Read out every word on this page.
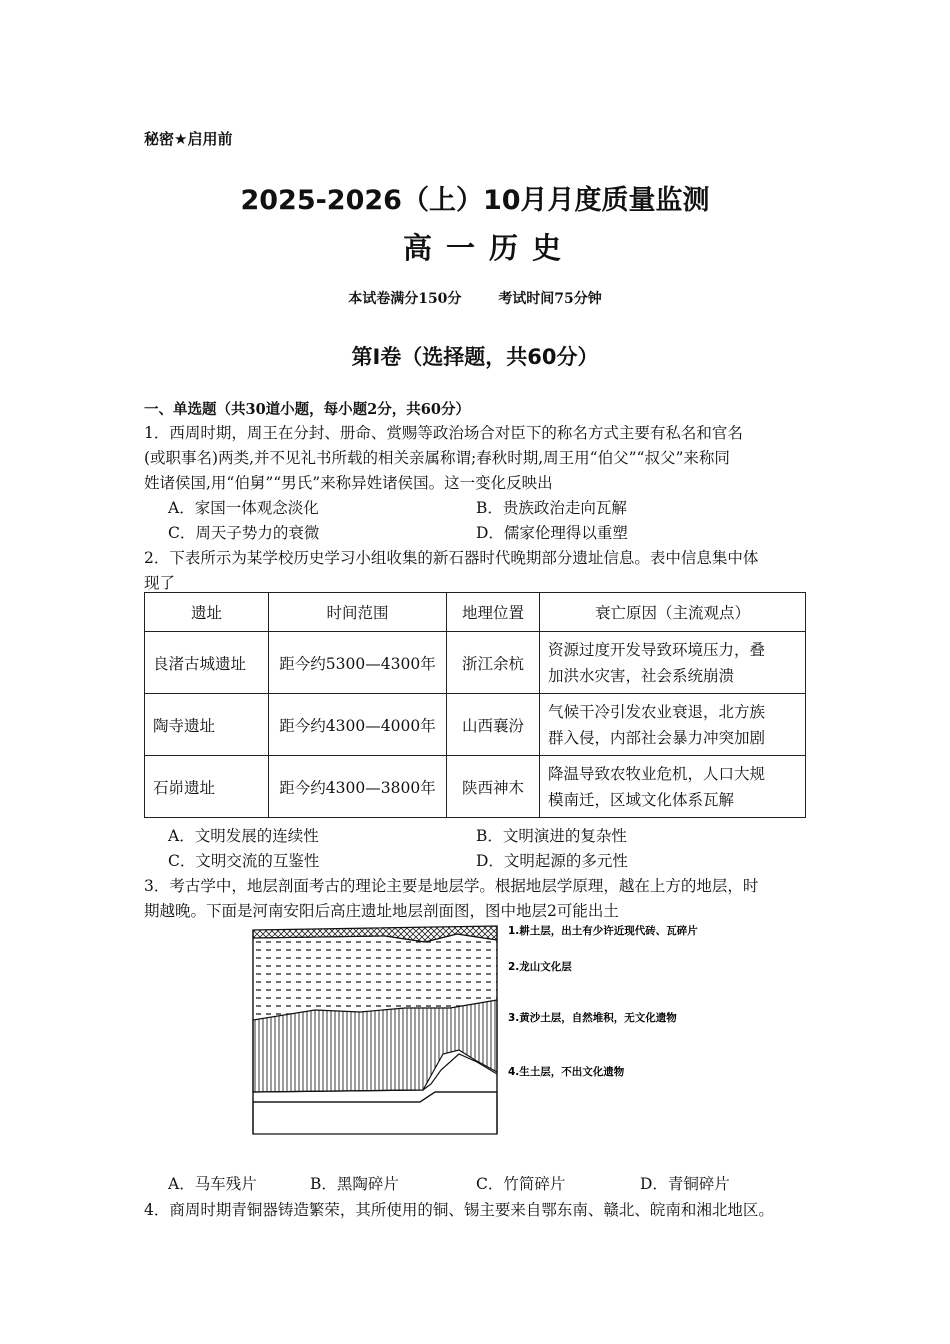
秘密★启用前
2025-2026（上）10月月度质量监测
高一历史
本试卷满分150分	考试时间75分钟
第Ⅰ卷（选择题，共60分）
一、单选题（共30道小题，每小题2分，共60分）
1．西周时期，周王在分封、册命、赏赐等政治场合对臣下的称名方式主要有私名和官名
(或职事名)两类,并不见礼书所载的相关亲属称谓;春秋时期,周王用“伯父”“叔父”来称同
姓诸侯国,用“伯舅”“男氏”来称异姓诸侯国。这一变化反映出
A．家国一体观念淡化	B．贵族政治走向瓦解
C．周天子势力的衰微	D．儒家伦理得以重塑
2．下表所示为某学校历史学习小组收集的新石器时代晚期部分遗址信息。表中信息集中体
现了
遗址	时间范围	地理位置	衰亡原因（主流观点）
良渚古城遗址	距今约5300—4300年	浙江余杭	资源过度开发导致环境压力，叠
加洪水灾害，社会系统崩溃

陶寺遗址	距今约4300—4000年	山西襄汾	气候干冷引发农业衰退，北方族
群入侵，内部社会暴力冲突加剧

石峁遗址	距今约4300—3800年	陕西神木	降温导致农牧业危机，人口大规
模南迁，区域文化体系瓦解
A．文明发展的连续性	B．文明演进的复杂性
C．文明交流的互鉴性	D．文明起源的多元性
3．考古学中，地层剖面考古的理论主要是地层学。根据地层学原理，越在上方的地层，时
期越晚。下面是河南安阳后高庄遗址地层剖面图，图中地层2可能出土
1.耕土层，出土有少许近现代砖、瓦碎片
2.龙山文化层
3.黄沙土层，自然堆积，无文化遗物
4.生土层，不出文化遗物
A．马车残片	B．黑陶碎片	C．竹简碎片	D．青铜碎片
4．商周时期青铜器铸造繁荣，其所使用的铜、锡主要来自鄂东南、赣北、皖南和湘北地区。
